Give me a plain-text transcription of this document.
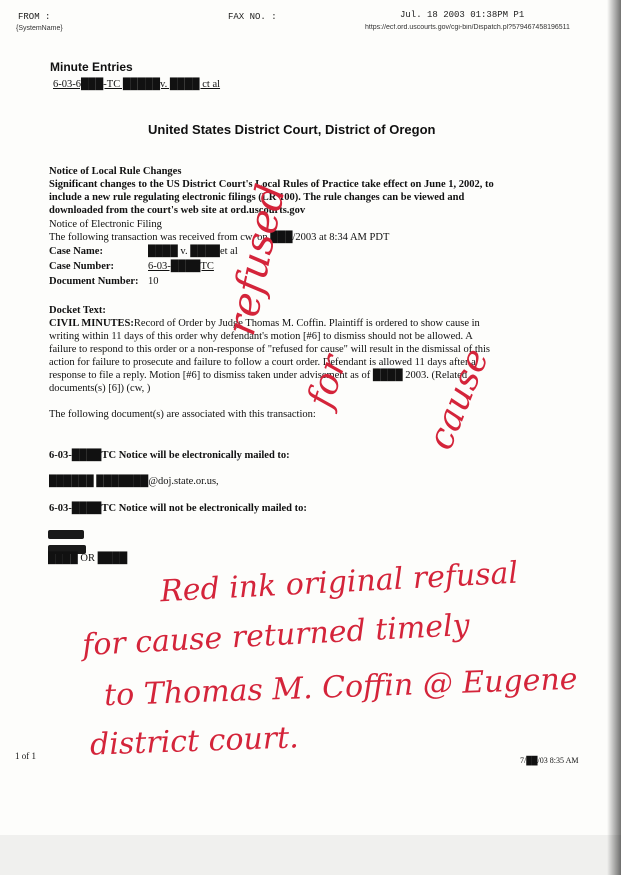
FROM :
{SystemName}
FAX NO. :	Jul. 18 2003 01:38PM P1
https://ecf.ord.uscourts.gov/cgi-bin/Dispatch.pl?579467458196511
Minute Entries
6-03-6███-TC █████v. ████ ct al
United States District Court, District of Oregon
Notice of Local Rule Changes
Significant changes to the US District Court's Local Rules of Practice take effect on June 1, 2002, to
include a new rule regulating electronic filings (LR 100). The rule changes can be viewed and
downloaded from the court's web site at ord.uscourts.gov
Notice of Electronic Filing
The following transaction was received from cw, on ███/2003 at 8:34 AM PDT
Case Name:	████ v. ████et al
Case Number:	6-03-████TC
Document Number: 10
Docket Text:
CIVIL MINUTES:Record of Order by Judge Thomas M. Coffin. Plaintiff is ordered to show cause in
writing within 11 days of this order why defendant's motion [#6] to dismiss should not be allowed. A
failure to respond to this order or a non-response of "refused for cause" will result in the dismissal of this
action for failure to prosecute and failure to follow a court order. Defendant is allowed 11 days after a
response to file a reply. Motion [#6] to dismiss taken under advisement as of ████ 2003. (Related
documents(s) [6]) (cw, )
The following document(s) are associated with this transaction:
6-03-████TC Notice will be electronically mailed to:
██████ ███████@doj.state.or.us,
6-03-████TC Notice will not be electronically mailed to:
████ OR ████
1 of 1	7/██/03 8:35 AM
refused
for cause
Red ink original refusal
for cause returned timely
to Thomas M. Coffin @ Eugene
district court.
